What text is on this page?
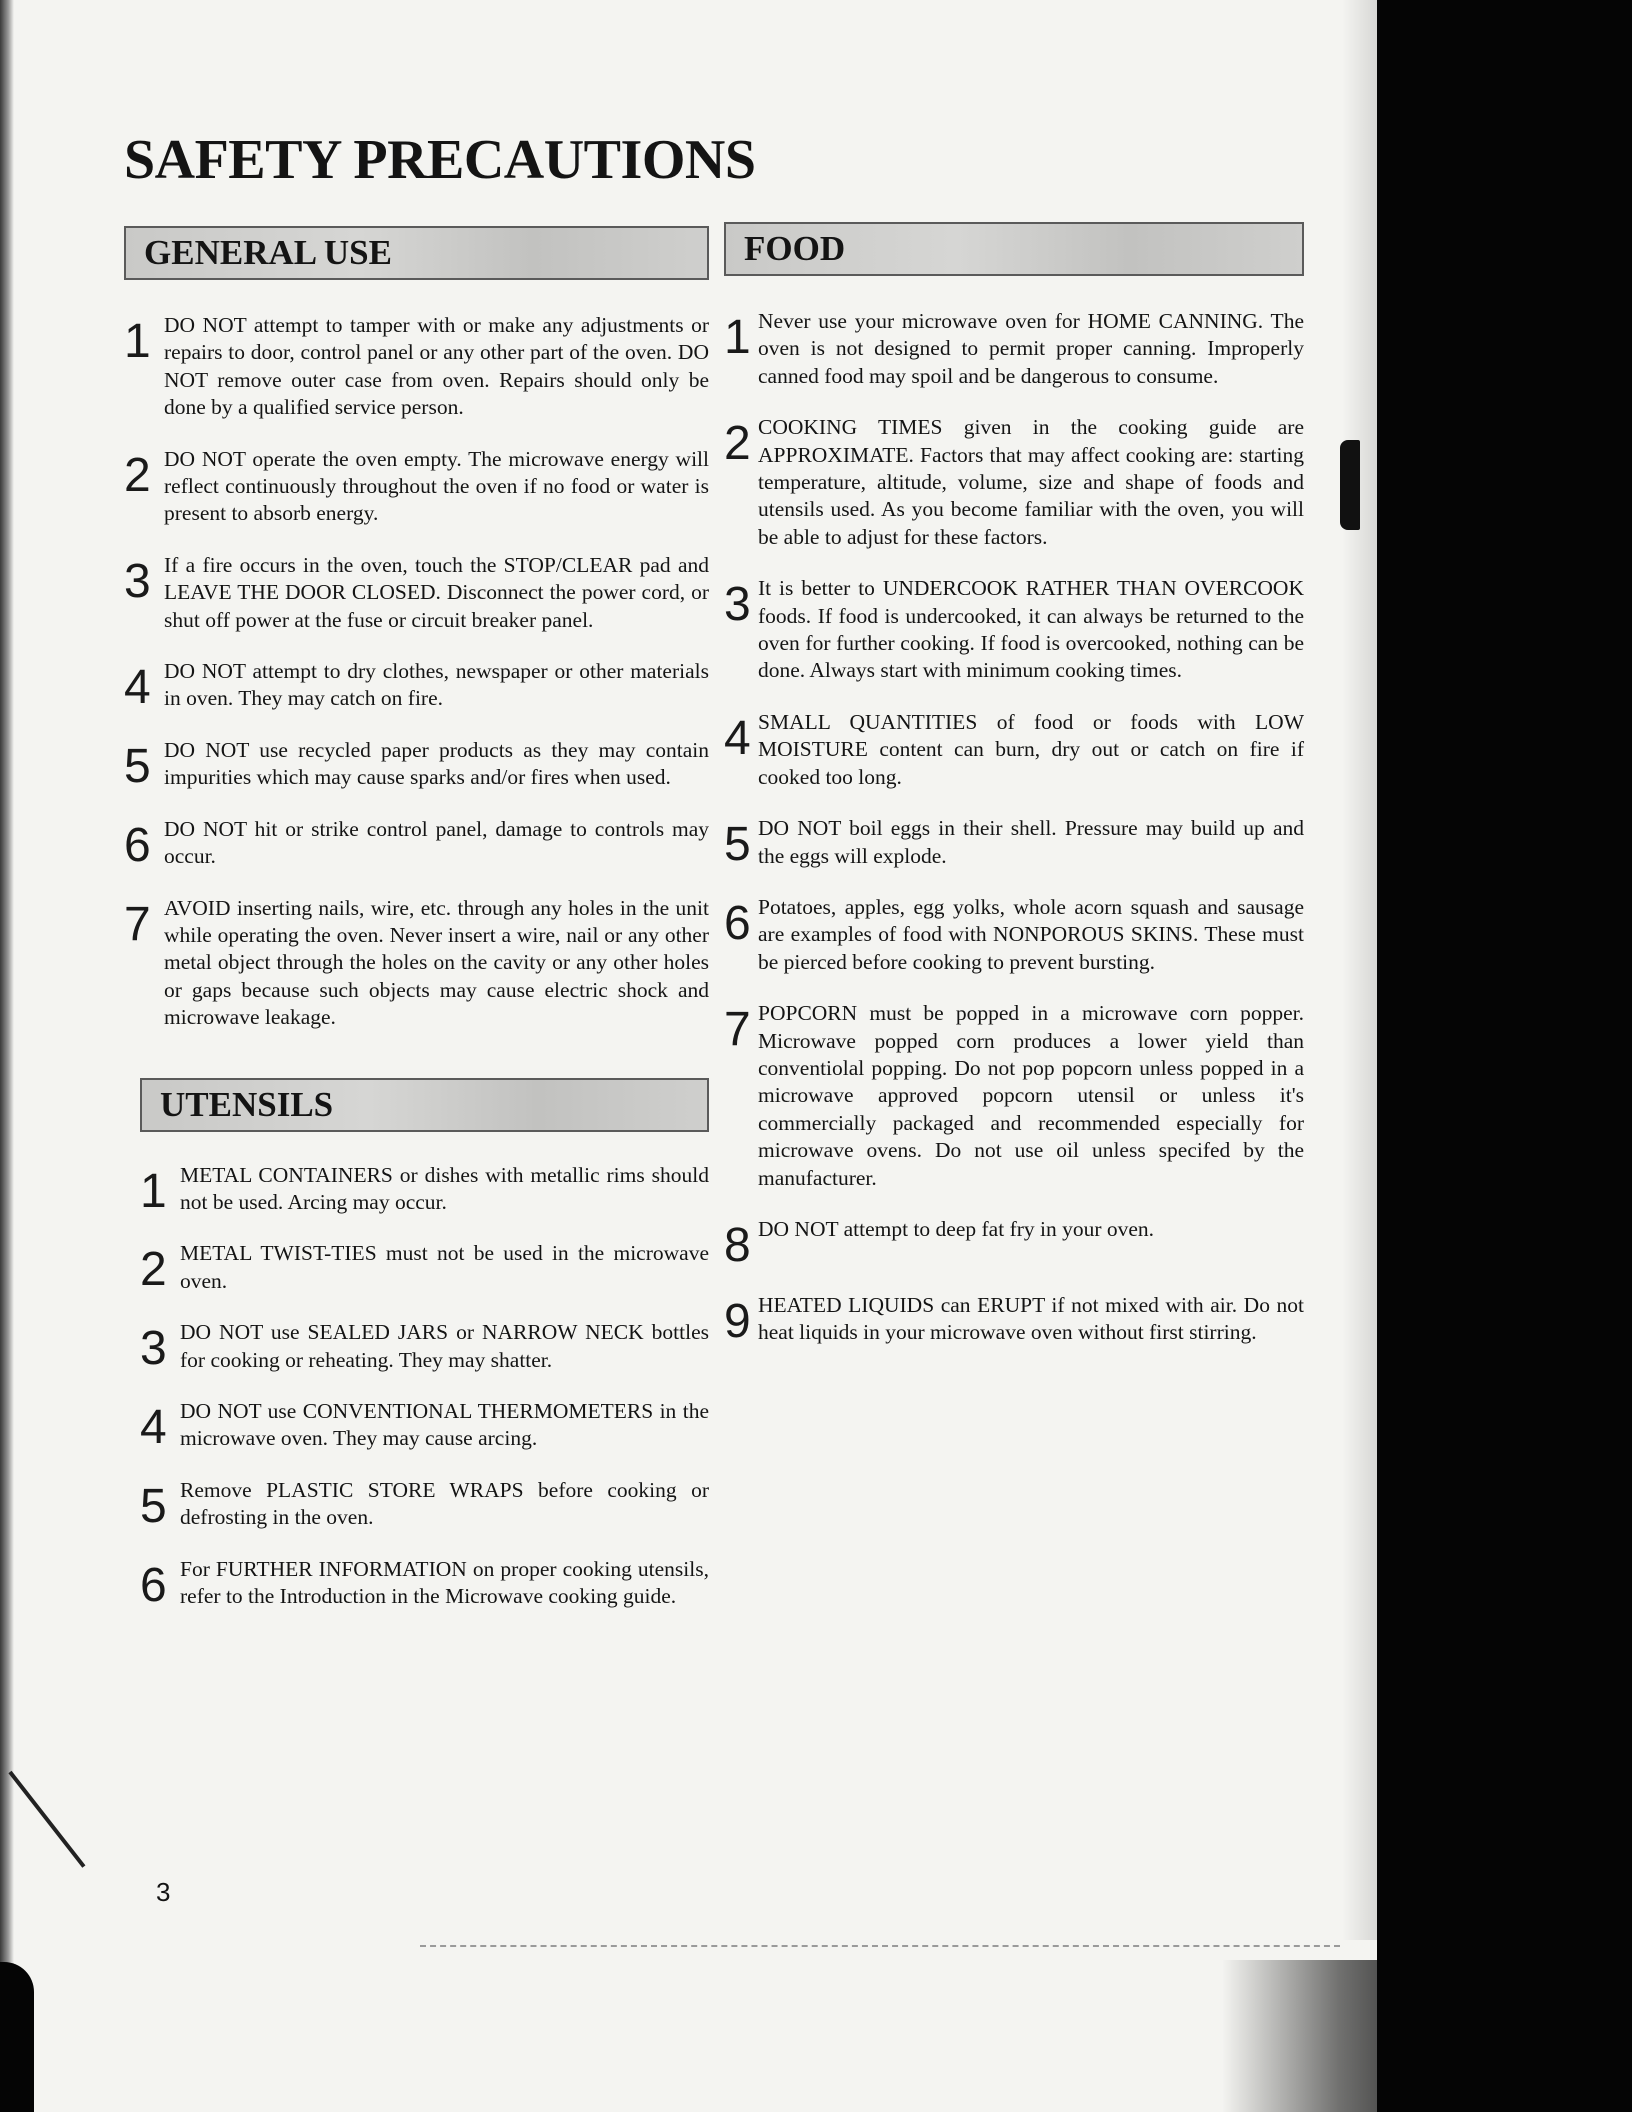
SAFETY PRECAUTIONS
GENERAL USE
1 DO NOT attempt to tamper with or make any adjustments or repairs to door, control panel or any other part of the oven. DO NOT remove outer case from oven. Repairs should only be done by a qualified service person.

2 DO NOT operate the oven empty. The microwave energy will reflect continuously throughout the oven if no food or water is present to absorb energy.

3 If a fire occurs in the oven, touch the STOP/CLEAR pad and LEAVE THE DOOR CLOSED. Disconnect the power cord, or shut off power at the fuse or circuit breaker panel.

4 DO NOT attempt to dry clothes, newspaper or other materials in oven. They may catch on fire.

5 DO NOT use recycled paper products as they may contain impurities which may cause sparks and/or fires when used.

6 DO NOT hit or strike control panel, damage to controls may occur.

7 AVOID inserting nails, wire, etc. through any holes in the unit while operating the oven. Never insert a wire, nail or any other metal object through the holes on the cavity or any other holes or gaps because such objects may cause electric shock and microwave leakage.

UTENSILS
1 METAL CONTAINERS or dishes with metallic rims should not be used. Arcing may occur.

2 METAL TWIST-TIES must not be used in the microwave oven.

3 DO NOT use SEALED JARS or NARROW NECK bottles for cooking or reheating. They may shatter.

4 DO NOT use CONVENTIONAL THERMOMETERS in the microwave oven. They may cause arcing.

5 Remove PLASTIC STORE WRAPS before cooking or defrosting in the oven.

6 For FURTHER INFORMATION on proper cooking utensils, refer to the Introduction in the Microwave cooking guide.

FOOD
1 Never use your microwave oven for HOME CANNING. The oven is not designed to permit proper canning. Improperly canned food may spoil and be dangerous to consume.

2 COOKING TIMES given in the cooking guide are APPROXIMATE. Factors that may affect cooking are: starting temperature, altitude, volume, size and shape of foods and utensils used. As you become familiar with the oven, you will be able to adjust for these factors.

3 It is better to UNDERCOOK RATHER THAN OVERCOOK foods. If food is undercooked, it can always be returned to the oven for further cooking. If food is overcooked, nothing can be done. Always start with minimum cooking times.

4 SMALL QUANTITIES of food or foods with LOW MOISTURE content can burn, dry out or catch on fire if cooked too long.

5 DO NOT boil eggs in their shell. Pressure may build up and the eggs will explode.

6 Potatoes, apples, egg yolks, whole acorn squash and sausage are examples of food with NONPOROUS SKINS. These must be pierced before cooking to prevent bursting.

7 POPCORN must be popped in a microwave corn popper. Microwave popped corn produces a lower yield than conventiolal popping. Do not pop popcorn unless popped in a microwave approved popcorn utensil or unless it's commercially packaged and recommended especially for microwave ovens. Do not use oil unless specifed by the manufacturer.

8 DO NOT attempt to deep fat fry in your oven.

9 HEATED LIQUIDS can ERUPT if not mixed with air. Do not heat liquids in your microwave oven without first stirring.

3
